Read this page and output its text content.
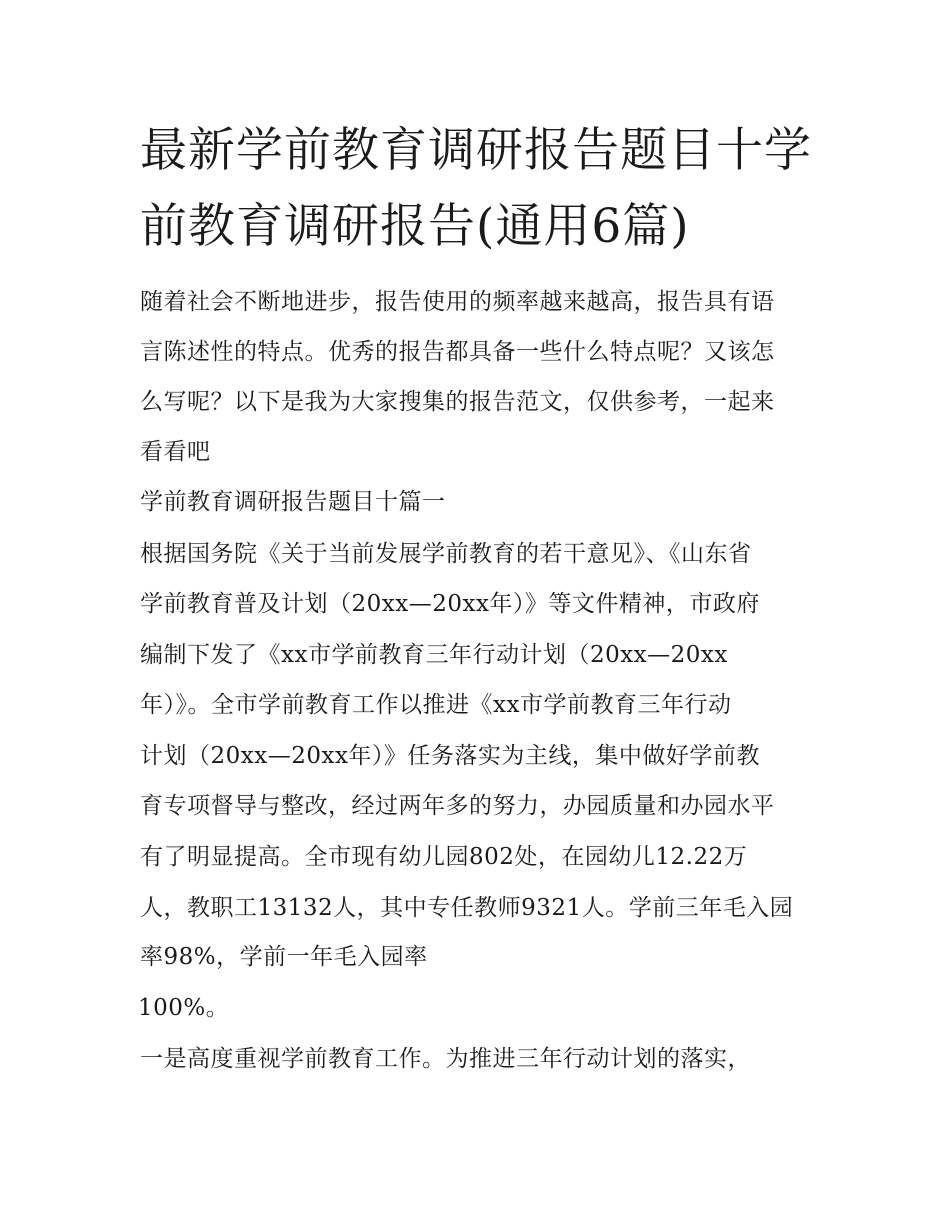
最新学前教育调研报告题目十学前教育调研报告(通用6篇)

随着社会不断地进步，报告使用的频率越来越高，报告具有语

言陈述性的特点。优秀的报告都具备一些什么特点呢？又该怎

么写呢？以下是我为大家搜集的报告范文，仅供参考，一起来

看看吧

学前教育调研报告题目十篇一

根据国务院《关于当前发展学前教育的若干意见》、《山东省

学前教育普及计划（20xx—20xx年）》等文件精神，市政府

编制下发了《xx市学前教育三年行动计划（20xx—20xx

年）》。全市学前教育工作以推进《xx市学前教育三年行动

计划（20xx—20xx年）》任务落实为主线，集中做好学前教

育专项督导与整改，经过两年多的努力，办园质量和办园水平

有了明显提高。全市现有幼儿园802处，在园幼儿12.22万

人，教职工13132人，其中专任教师9321人。学前三年毛入园

率98%，学前一年毛入园率

100%。

一是高度重视学前教育工作。为推进三年行动计划的落实，
